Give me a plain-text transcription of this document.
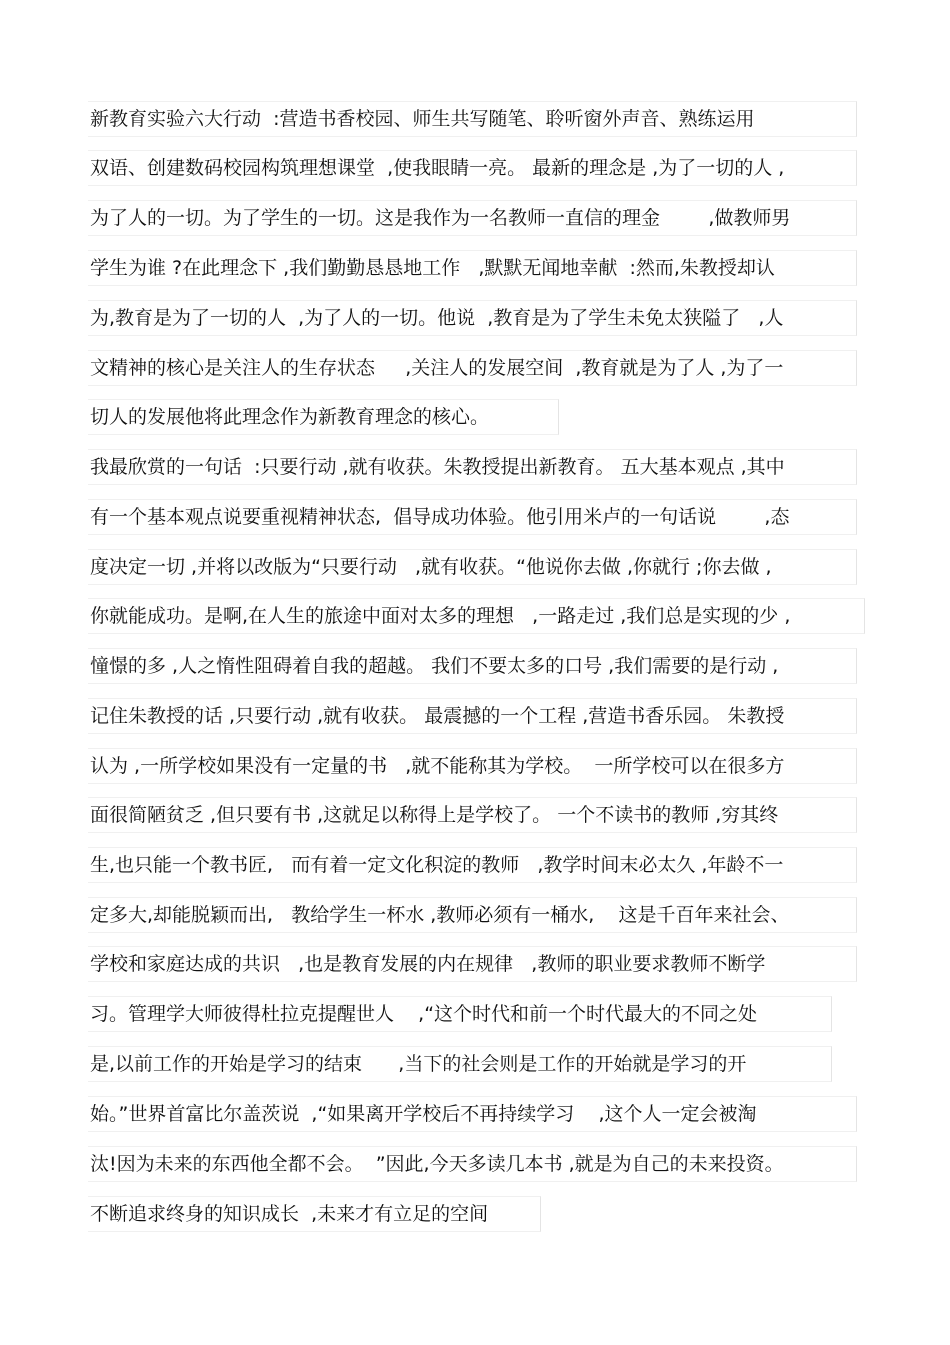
新教育实验六大行动  :营造书香校园、师生共写随笔、聆听窗外声音、熟练运用
双语、创建数码校园构筑理想课堂  ,使我眼睛一亮。 最新的理念是 ,为了一切的人 ,
为了人的一切。为了学生的一切。这是我作为一名教师一直信的理金        ,做教师男
学生为谁 ?在此理念下 ,我们勤勤恳恳地工作   ,默默无闻地幸献  :然而,朱教授却认
为,教育是为了一切的人  ,为了人的一切。他说  ,教育是为了学生未免太狭隘了   ,人
文精神的核心是关注人的生存状态     ,关注人的发展空间  ,教育就是为了人 ,为了一
切人的发展他将此理念作为新教育理念的核心。
我最欣赏的一句话  :只要行动 ,就有收获。朱教授提出新教育。 五大基本观点 ,其中
有一个基本观点说要重视精神状态,  倡导成功体验。他引用米卢的一句话说        ,态
度决定一切 ,并将以改版为“只要行动   ,就有收获。“他说你去做 ,你就行 ;你去做 ,
你就能成功。是啊,在人生的旅途中面对太多的理想   ,一路走过 ,我们总是实现的少 ,
憧憬的多 ,人之惰性阻碍着自我的超越。 我们不要太多的口号 ,我们需要的是行动 ,
记住朱教授的话 ,只要行动 ,就有收获。 最震撼的一个工程 ,营造书香乐园。 朱教授
认为 ,一所学校如果没有一定量的书   ,就不能称其为学校。  一所学校可以在很多方
面很简陋贫乏 ,但只要有书 ,这就足以称得上是学校了。 一个不读书的教师 ,穷其终
生,也只能一个教书匠,   而有着一定文化积淀的教师   ,教学时间末必太久 ,年龄不一
定多大,却能脱颖而出,   教给学生一杯水 ,教师必须有一桶水,    这是千百年来社会、
学校和家庭达成的共识   ,也是教育发展的内在规律   ,教师的职业要求教师不断学
习。管理学大师彼得杜拉克提醒世人    ,“这个时代和前一个时代最大的不同之处
是,以前工作的开始是学习的结束      ,当下的社会则是工作的开始就是学习的开
始。”世界首富比尔盖茨说  ,“如果离开学校后不再持续学习    ,这个人一定会被淘
汰!因为未来的东西他全都不会。  ”因此,今天多读几本书 ,就是为自己的未来投资。
不断追求终身的知识成长  ,未来才有立足的空间
